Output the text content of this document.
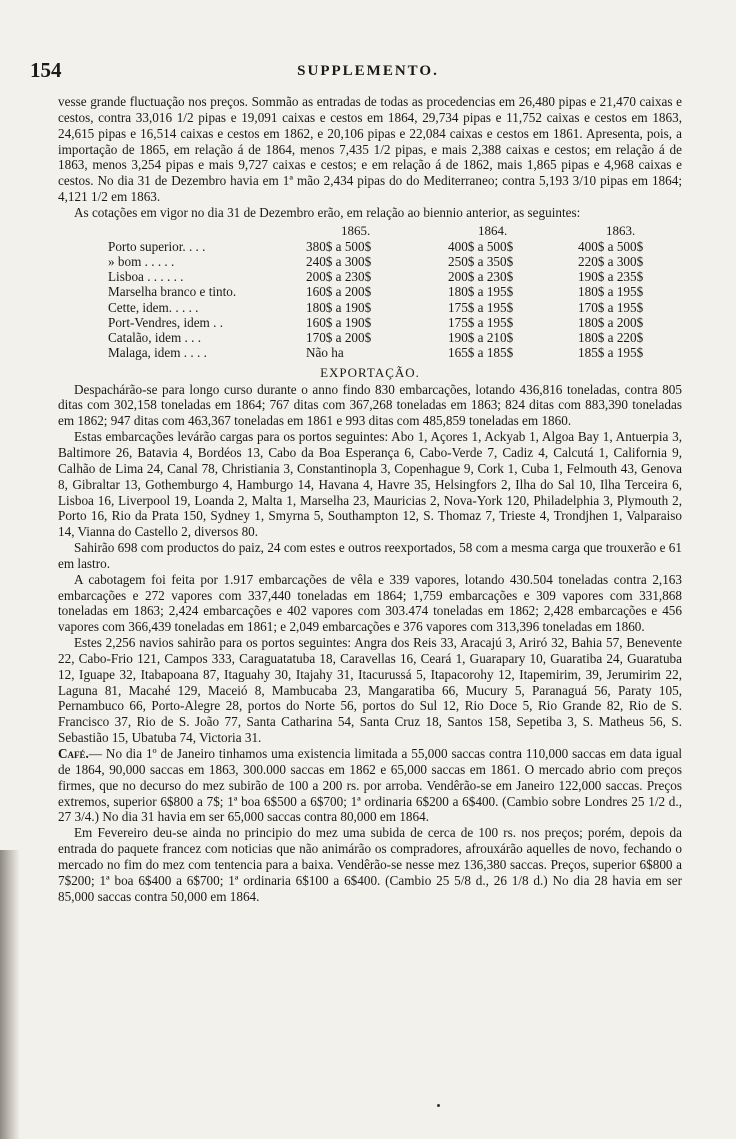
154	SUPPLEMENTO.

vesse grande fluctuação nos preços. Sommão as entradas de todas as procedencias em 26,480 pipas e 21,470 caixas e cestos, contra 33,016 1/2 pipas e 19,091 caixas e cestos em 1864, 29,734 pipas e 11,752 caixas e cestos em 1863, 24,615 pipas e 16,514 caixas e cestos em 1862, e 20,106 pipas e 22,084 caixas e cestos em 1861. Apresenta, pois, a importação de 1865, em relação á de 1864, menos 7,435 1/2 pipas, e mais 2,388 caixas e cestos; em relação á de 1863, menos 3,254 pipas e mais 9,727 caixas e cestos; e em relação á de 1862, mais 1,865 pipas e 4,968 caixas e cestos. No dia 31 de Dezembro havia em 1ª mão 2,434 pipas do do Mediterraneo; contra 5,193 3/10 pipas em 1864; 4,121 1/2 em 1863.

As cotações em vigor no dia 31 de Dezembro erão, em relação ao biennio anterior, as seguintes:

1865.	1864.	1863.
Porto superior. . . .	380$ a 500$	400$ a 500$	400$ a 500$
» bom . . . . .	240$ a 300$	250$ a 350$	220$ a 300$
Lisboa . . . . . .	200$ a 230$	200$ a 230$	190$ a 235$
Marselha branco e tinto.	160$ a 200$	180$ a 195$	180$ a 195$
Cette, idem. . . . .	180$ a 190$	175$ a 195$	170$ a 195$
Port-Vendres, idem . .	160$ a 190$	175$ a 195$	180$ a 200$
Catalão, idem . . .	170$ a 200$	190$ a 210$	180$ a 220$
Malaga, idem . . . .	Não ha	165$ a 185$	185$ a 195$
EXPORTAÇÃO.

Despachárão-se para longo curso durante o anno findo 830 embarcações, lotando 436,816 toneladas, contra 805 ditas com 302,158 toneladas em 1864; 767 ditas com 367,268 toneladas em 1863; 824 ditas com 883,390 toneladas em 1862; 947 ditas com 463,367 toneladas em 1861 e 993 ditas com 485,859 toneladas em 1860.

Estas embarcações levárão cargas para os portos seguintes: Abo 1, Açores 1, Ackyab 1, Algoa Bay 1, Antuerpia 3, Baltimore 26, Batavia 4, Bordéos 13, Cabo da Boa Esperança 6, Cabo-Verde 7, Cadiz 4, Calcutá 1, California 9, Calhão de Lima 24, Canal 78, Christiania 3, Constantinopla 3, Copenhague 9, Cork 1, Cuba 1, Felmouth 43, Genova 8, Gibraltar 13, Gothemburgo 4, Hamburgo 14, Havana 4, Havre 35, Helsingfors 2, Ilha do Sal 10, Ilha Terceira 6, Lisboa 16, Liverpool 19, Loanda 2, Malta 1, Marselha 23, Mauricias 2, Nova-York 120, Philadelphia 3, Plymouth 2, Porto 16, Rio da Prata 150, Sydney 1, Smyrna 5, Southampton 12, S. Thomaz 7, Trieste 4, Trondjhen 1, Valparaiso 14, Vianna do Castello 2, diversos 80.

Sahirão 698 com productos do paiz, 24 com estes e outros reexportados, 58 com a mesma carga que trouxerão e 61 em lastro.

A cabotagem foi feita por 1.917 embarcações de vêla e 339 vapores, lotando 430.504 toneladas contra 2,163 embarcações e 272 vapores com 337,440 toneladas em 1864; 1,759 embarcações e 309 vapores com 331,868 toneladas em 1863; 2,424 embarcações e 402 vapores com 303.474 toneladas em 1862; 2,428 embarcações e 456 vapores com 366,439 toneladas em 1861; e 2,049 embarcações e 376 vapores com 313,396 toneladas em 1860.

Estes 2,256 navios sahirão para os portos seguintes: Angra dos Reis 33, Aracajú 3, Ariró 32, Bahia 57, Benevente 22, Cabo-Frio 121, Campos 333, Caraguatatuba 18, Caravellas 16, Ceará 1, Guarapary 10, Guaratiba 24, Guaratuba 12, Iguape 32, Itabapoana 87, Itaguahy 30, Itajahy 31, Itacurussá 5, Itapacorohy 12, Itapemirim, 39, Jerumirim 22, Laguna 81, Macahé 129, Maceió 8, Mambucaba 23, Mangaratiba 66, Mucury 5, Paranaguá 56, Paraty 105, Pernambuco 66, Porto-Alegre 28, portos do Norte 56, portos do Sul 12, Rio Doce 5, Rio Grande 82, Rio de S. Francisco 37, Rio de S. João 77, Santa Catharina 54, Santa Cruz 18, Santos 158, Sepetiba 3, S. Matheus 56, S. Sebastião 15, Ubatuba 74, Victoria 31.

Café.— No dia 1º de Janeiro tinhamos uma existencia limitada a 55,000 saccas contra 110,000 saccas em data igual de 1864, 90,000 saccas em 1863, 300.000 saccas em 1862 e 65,000 saccas em 1861. O mercado abrio com preços firmes, que no decurso do mez subirão de 100 a 200 rs. por arroba. Vendêrão-se em Janeiro 122,000 saccas. Preços extremos, superior 6$800 a 7$; 1ª boa 6$500 a 6$700; 1ª ordinaria 6$200 a 6$400. (Cambio sobre Londres 25 1/2 d., 27 3/4.) No dia 31 havia em ser 65,000 saccas contra 80,000 em 1864.

Em Fevereiro deu-se ainda no principio do mez uma subida de cerca de 100 rs. nos preços; porém, depois da entrada do paquete francez com noticias que não animárão os compradores, afrouxárão aquelles de novo, fechando o mercado no fim do mez com tentencia para a baixa. Vendêrão-se nesse mez 136,380 saccas. Preços, superior 6$800 a 7$200; 1ª boa 6$400 a 6$700; 1ª ordinaria 6$100 a 6$400. (Cambio 25 5/8 d., 26 1/8 d.) No dia 28 havia em ser 85,000 saccas contra 50,000 em 1864.
